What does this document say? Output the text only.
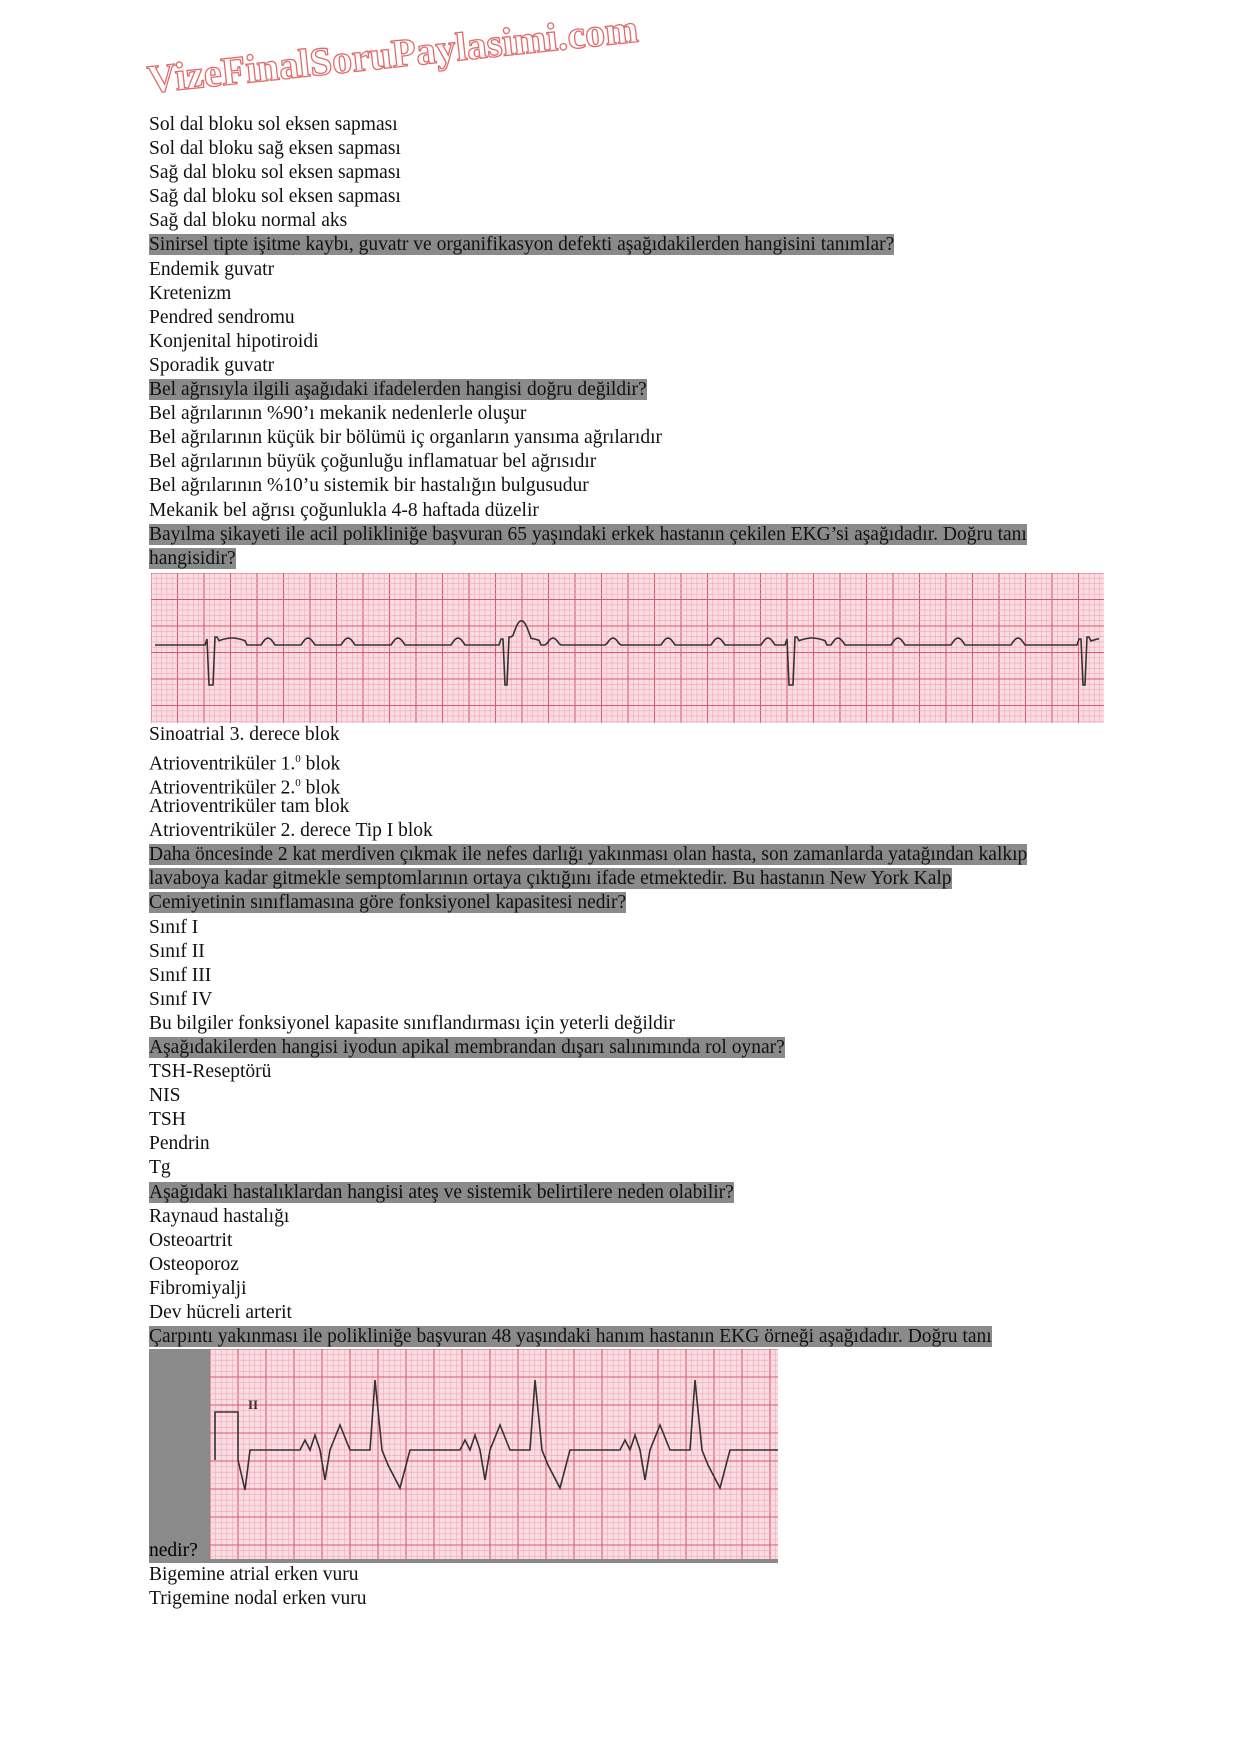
VizeFinalSoruPaylasimi.com
Sol dal bloku sol eksen sapması
Sol dal bloku sağ eksen sapması
Sağ dal bloku sol eksen sapması
Sağ dal bloku sol eksen sapması
Sağ dal bloku normal aks
Sinirsel tipte işitme kaybı, guvatr ve organifikasyon defekti aşağıdakilerden hangisini tanımlar?
Endemik guvatr
Kretenizm
Pendred sendromu
Konjenital hipotiroidi
Sporadik guvatr
Bel ağrısıyla ilgili aşağıdaki ifadelerden hangisi doğru değildir?
Bel ağrılarının %90’ı mekanik nedenlerle oluşur
Bel ağrılarının küçük bir bölümü iç organların yansıma ağrılarıdır
Bel ağrılarının büyük çoğunluğu inflamatuar bel ağrısıdır
Bel ağrılarının %10’u sistemik bir hastalığın bulgusudur
Mekanik bel ağrısı çoğunlukla 4-8 haftada düzelir
Bayılma şikayeti ile acil polikliniğe başvuran 65 yaşındaki erkek hastanın çekilen EKG’si aşağıdadır. Doğru tanı
hangisidir?
Sinoatrial 3. derece blok
Atrioventriküler 1.$^0$ blok
Atrioventriküler 2.$^0$ blok
Atrioventriküler tam blok
Atrioventriküler 2. derece Tip I blok
Daha öncesinde 2 kat merdiven çıkmak ile nefes darlığı yakınması olan hasta, son zamanlarda yatağından kalkıp
lavaboya kadar gitmekle semptomlarının ortaya çıktığını ifade etmektedir. Bu hastanın New York Kalp
Cemiyetinin sınıflamasına göre fonksiyonel kapasitesi nedir?
Sınıf I
Sınıf II
Sınıf III
Sınıf IV
Bu bilgiler fonksiyonel kapasite sınıflandırması için yeterli değildir
Aşağıdakilerden hangisi iyodun apikal membrandan dışarı salınımında rol oynar?
TSH-Reseptörü
NIS
TSH
Pendrin
Tg
Aşağıdaki hastalıklardan hangisi ateş ve sistemik belirtilere neden olabilir?
Raynaud hastalığı
Osteoartrit
Osteoporoz
Fibromiyalji
Dev hücreli arterit
Çarpıntı yakınması ile polikliniğe başvuran 48 yaşındaki hanım hastanın EKG örneği aşağıdadır. Doğru tanı
II
nedir?
Bigemine atrial erken vuru
Trigemine nodal erken vuru
